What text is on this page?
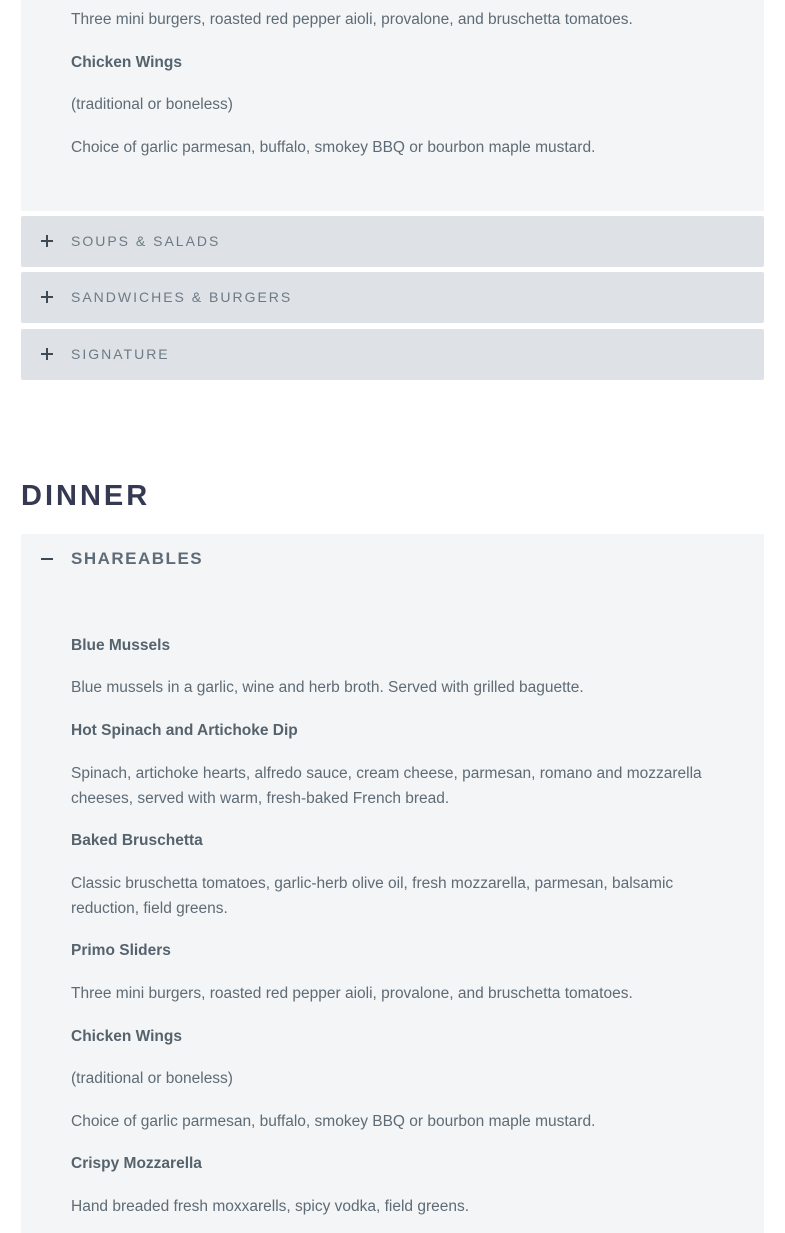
Three mini burgers, roasted red pepper aioli, provalone, and bruschetta tomatoes.

Chicken Wings

(traditional or boneless)

Choice of garlic parmesan, buffalo, smokey BBQ or bourbon maple mustard.

SOUPS & SALADS
SANDWICHES & BURGERS
SIGNATURE
DINNER
SHAREABLES

Blue Mussels

Blue mussels in a garlic, wine and herb broth. Served with grilled baguette.

Hot Spinach and Artichoke Dip

Spinach, artichoke hearts, alfredo sauce, cream cheese, parmesan, romano and mozzarella cheeses, served with warm, fresh-baked French bread.

Baked Bruschetta

Classic bruschetta tomatoes, garlic-herb olive oil, fresh mozzarella, parmesan, balsamic reduction, field greens.

Primo Sliders

Three mini burgers, roasted red pepper aioli, provalone, and bruschetta tomatoes.

Chicken Wings

(traditional or boneless)

Choice of garlic parmesan, buffalo, smokey BBQ or bourbon maple mustard.

Crispy Mozzarella

Hand breaded fresh moxxarells, spicy vodka, field greens.
